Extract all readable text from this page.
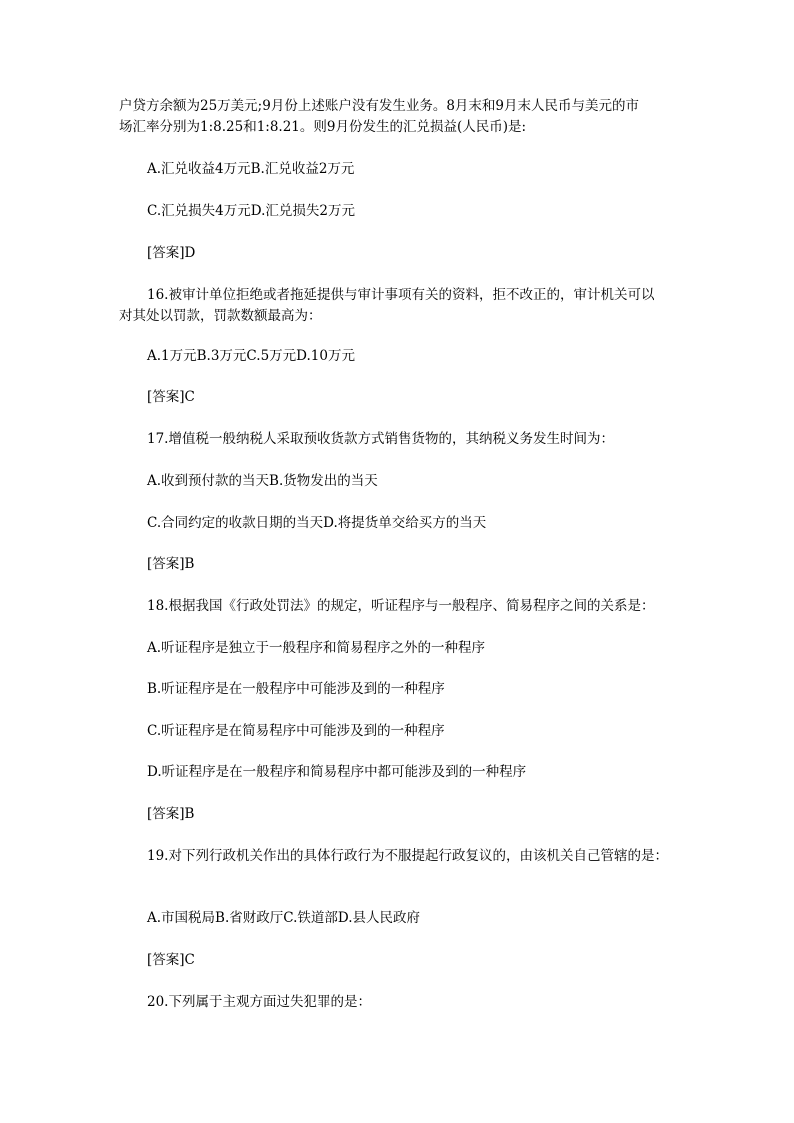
户贷方余额为25万美元;9月份上述账户没有发生业务。8月末和9月末人民币与美元的市

场汇率分别为1:8.25和1:8.21。则9月份发生的汇兑损益(人民币)是:

A.汇兑收益4万元B.汇兑收益2万元

C.汇兑损失4万元D.汇兑损失2万元

[答案]D

16.被审计单位拒绝或者拖延提供与审计事项有关的资料，拒不改正的，审计机关可以

对其处以罚款，罚款数额最高为：

A.1万元B.3万元C.5万元D.10万元

[答案]C

17.增值税一般纳税人采取预收货款方式销售货物的，其纳税义务发生时间为：

A.收到预付款的当天B.货物发出的当天

C.合同约定的收款日期的当天D.将提货单交给买方的当天

[答案]B

18.根据我国《行政处罚法》的规定，听证程序与一般程序、简易程序之间的关系是：

A.听证程序是独立于一般程序和简易程序之外的一种程序

B.听证程序是在一般程序中可能涉及到的一种程序

C.听证程序是在简易程序中可能涉及到的一种程序

D.听证程序是在一般程序和简易程序中都可能涉及到的一种程序

[答案]B

19.对下列行政机关作出的具体行政行为不服提起行政复议的，由该机关自己管辖的是：

A.市国税局B.省财政厅C.铁道部D.县人民政府

[答案]C

20.下列属于主观方面过失犯罪的是：
